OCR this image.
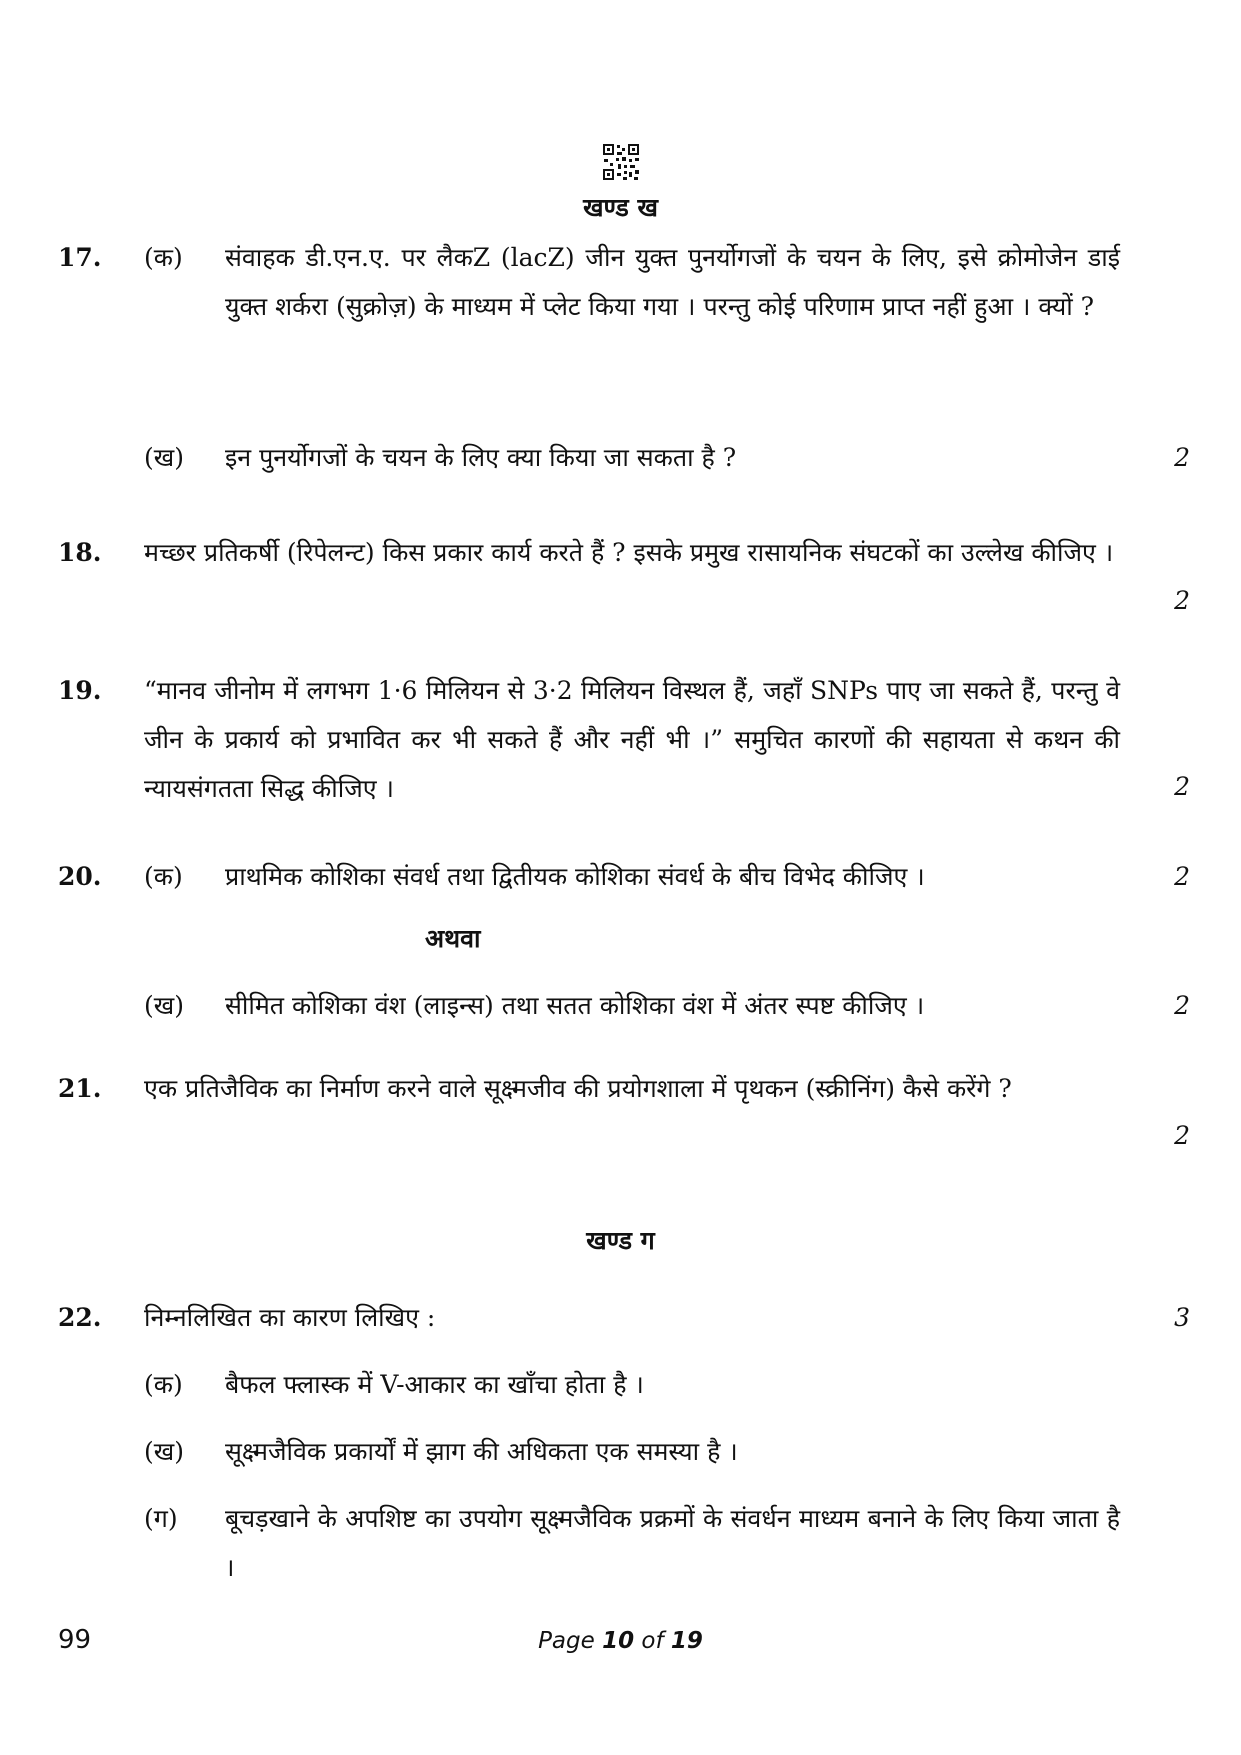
खण्ड ख
17. (क) संवाहक डी.एन.ए. पर लैकZ (lacZ) जीन युक्त पुनर्योगजों के चयन के लिए, इसे क्रोमोजेन डाई युक्त शर्करा (सुक्रोज़) के माध्यम में प्लेट किया गया । परन्तु कोई परिणाम प्राप्त नहीं हुआ । क्यों ?
(ख) इन पुनर्योगजों के चयन के लिए क्या किया जा सकता है ?	2
18. मच्छर प्रतिकर्षी (रिपेलन्ट) किस प्रकार कार्य करते हैं ? इसके प्रमुख रासायनिक संघटकों का उल्लेख कीजिए ।
2
19. “मानव जीनोम में लगभग 1·6 मिलियन से 3·2 मिलियन विस्थल हैं, जहाँ SNPs पाए जा सकते हैं, परन्तु वे जीन के प्रकार्य को प्रभावित कर भी सकते हैं और नहीं भी ।” समुचित कारणों की सहायता से कथन की न्यायसंगतता सिद्ध कीजिए ।	2
20. (क) प्राथमिक कोशिका संवर्ध तथा द्वितीयक कोशिका संवर्ध के बीच विभेद कीजिए ।	2
अथवा
(ख) सीमित कोशिका वंश (लाइन्स) तथा सतत कोशिका वंश में अंतर स्पष्ट कीजिए ।	2
21. एक प्रतिजैविक का निर्माण करने वाले सूक्ष्मजीव की प्रयोगशाला में पृथकन (स्क्रीनिंग) कैसे करेंगे ?
2
खण्ड ग
22. निम्नलिखित का कारण लिखिए :	3
(क) बैफल फ्लास्क में V-आकार का खाँचा होता है ।
(ख) सूक्ष्मजैविक प्रकार्यों में झाग की अधिकता एक समस्या है ।
(ग) बूचड़खाने के अपशिष्ट का उपयोग सूक्ष्मजैविक प्रक्रमों के संवर्धन माध्यम बनाने के लिए किया जाता है ।
99	Page 10 of 19
